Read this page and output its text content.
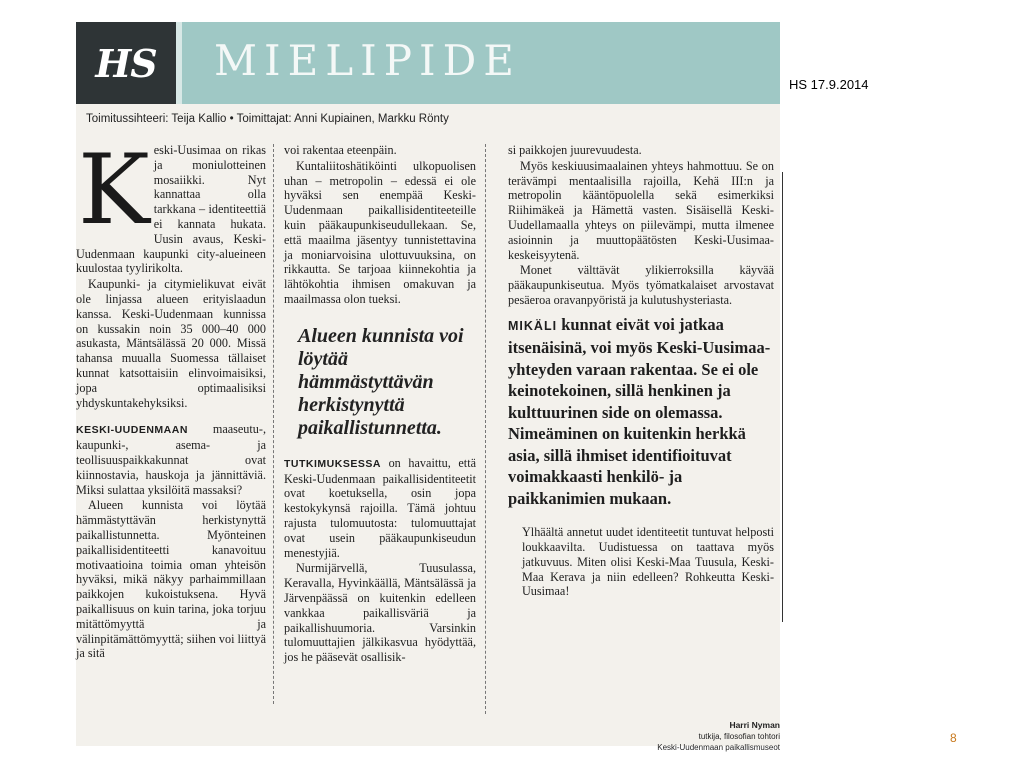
HS	MIELIPIDE
Toimitussihteeri: Teija Kallio • Toimittajat: Anni Kupiainen, Markku Rönty

Keski-Uusimaa on rikas ja moniulotteinen mosaiikki. Nyt kannattaa olla tarkkana – identiteettiä ei kannata hukata. Uusin avaus, Keski-Uudenmaan kaupunki city-alueineen kuulostaa tyylirikolta.

Kaupunki- ja citymielikuvat eivät ole linjassa alueen erityislaadun kanssa. Keski-Uudenmaan kunnissa on kussakin noin 35 000–40 000 asukasta, Mäntsälässä 20 000. Missä tahansa muualla Suomessa tällaiset kunnat katsottaisiin elinvoimaisiksi, jopa optimaalisiksi yhdyskuntakehyksiksi.

KESKI-UUDENMAAN maaseutu-, kaupunki-, asema- ja teollisuuspaikkakunnat ovat kiinnostavia, hauskoja ja jännittäviä. Miksi sulattaa yksilöitä massaksi?

Alueen kunnista voi löytää hämmästyttävän herkistynyttä paikallistunnetta. Myönteinen paikallisidentiteetti kanavoituu motivaatioina toimia oman yhteisön hyväksi, mikä näkyy parhaimmillaan paikkojen kukoistuksena. Hyvä paikallisuus on kuin tarina, joka torjuu mitättömyyttä ja välinpitämättömyyttä; siihen voi liittyä ja sitä

voi rakentaa eteenpäin.

Kuntaliitoshätiköinti ulkopuolisen uhan – metropolin – edessä ei ole hyväksi sen enempää Keski-Uudenmaan paikallisidentiteeteille kuin pääkaupunkiseudullekaan. Se, että maailma jäsentyy tunnistettavina ja moniarvoisina ulottuvuuksina, on rikkautta. Se tarjoaa kiinnekohtia ja lähtökohtia ihmisen omakuvan ja maailmassa olon tueksi.

Alueen kunnista voi löytää hämmästyttävän herkistynyttä paikallistunnetta.

TUTKIMUKSESSA on havaittu, että Keski-Uudenmaan paikallisidentiteetit ovat koetuksella, osin jopa kestokykynsä rajoilla. Tämä johtuu rajusta tulomuutosta: tulomuuttajat ovat usein pääkaupunkiseudun menestyjiä.

Nurmijärvellä, Tuusulassa, Keravalla, Hyvinkäällä, Mäntsälässä ja Järvenpäässä on kuitenkin edelleen vankkaa paikallisväriä ja paikallishuumoria. Varsinkin tulomuuttajien jälkikasvua hyödyttää, jos he pääsevät osallisik-

si paikkojen juurevuudesta.

Myös keskiuusimaalainen yhteys hahmottuu. Se on terävämpi mentaalisilla rajoilla, Kehä III:n ja metropolin kääntöpuolella sekä esimerkiksi Riihimäkeä ja Hämettä vasten. Sisäisellä Keski-Uudellamaalla yhteys on piilevämpi, mutta ilmenee asioinnin ja muuttopäätösten Keski-Uusimaa-keskeisyytenä.

Monet välttävät ylikierroksilla käyvää pääkaupunkiseutua. Myös työmatkalaiset arvostavat pesäeroa oravanpyöristä ja kulutushysteriasta.

MIKÄLI kunnat eivät voi jatkaa itsenäisinä, voi myös Keski-Uusimaa-yhteyden varaan rakentaa. Se ei ole keinotekoinen, sillä henkinen ja kulttuurinen side on olemassa. Nimeäminen on kuitenkin herkkä asia, sillä ihmiset identifioituvat voimakkaasti henkilö- ja paikkanimien mukaan.

Ylhäältä annetut uudet identiteetit tuntuvat helposti loukkaavilta. Uudistuessa on taattava myös jatkuvuus. Miten olisi Keski-Maa Tuusula, Keski-Maa Kerava ja niin edelleen? Rohkeutta Keski-Uusimaa!

Harri Nyman
tutkija, filosofian tohtori
Keski-Uudenmaan paikallismuseot
HS 17.9.2014
8
